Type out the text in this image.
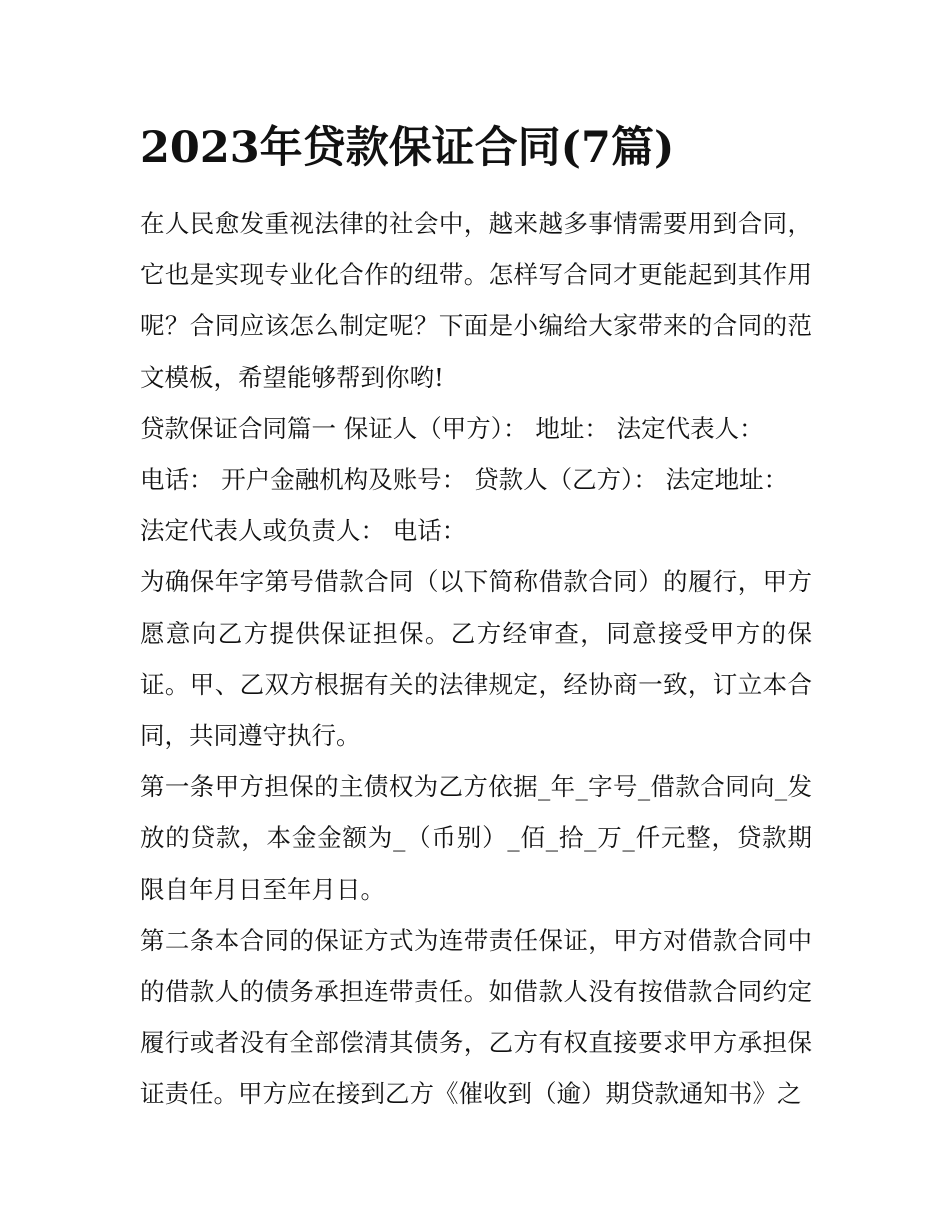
2023年贷款保证合同(7篇)

在人民愈发重视法律的社会中，越来越多事情需要用到合同，它也是实现专业化合作的纽带。怎样写合同才更能起到其作用呢？合同应该怎么制定呢？下面是小编给大家带来的合同的范文模板，希望能够帮到你哟!

贷款保证合同篇一 保证人（甲方）： 地址： 法定代表人：

电话： 开户金融机构及账号： 贷款人（乙方）： 法定地址：

法定代表人或负责人： 电话：

为确保年字第号借款合同（以下简称借款合同）的履行，甲方愿意向乙方提供保证担保。乙方经审查，同意接受甲方的保证。甲、乙双方根据有关的法律规定，经协商一致，订立本合同，共同遵守执行。

第一条甲方担保的主债权为乙方依据_年_字号_借款合同向_发放的贷款，本金金额为_（币别）_佰_拾_万_仟元整，贷款期限自年月日至年月日。

第二条本合同的保证方式为连带责任保证，甲方对借款合同中的借款人的债务承担连带责任。如借款人没有按借款合同约定履行或者没有全部偿清其债务，乙方有权直接要求甲方承担保证责任。甲方应在接到乙方《催收到（逾）期贷款通知书》之
